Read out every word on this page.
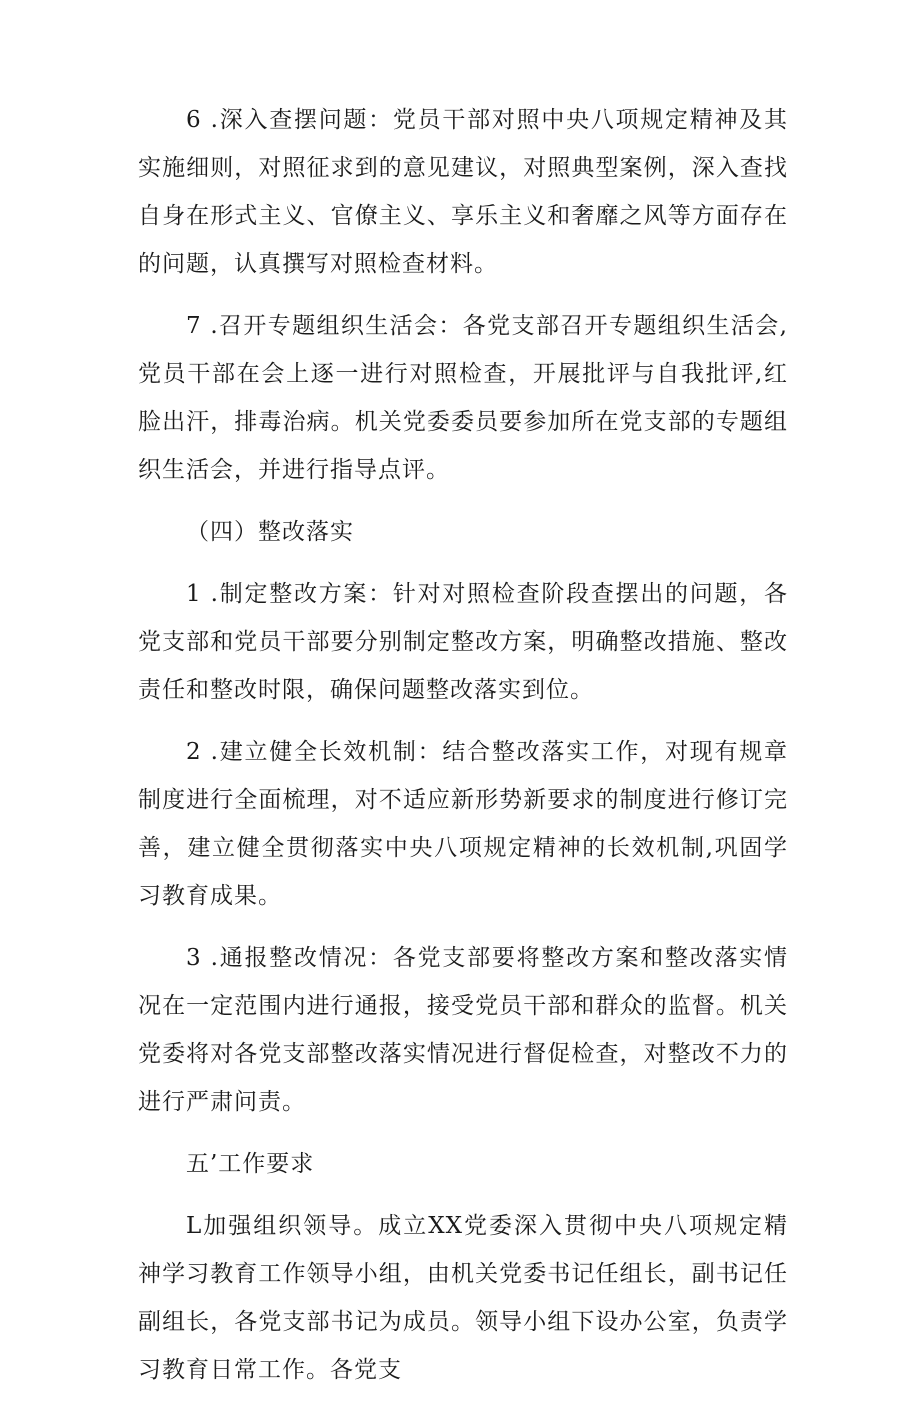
6 .深入查摆问题：党员干部对照中央八项规定精神及其实施细则，对照征求到的意见建议，对照典型案例，深入查找自身在形式主义、官僚主义、享乐主义和奢靡之风等方面存在的问题，认真撰写对照检查材料。

7 .召开专题组织生活会：各党支部召开专题组织生活会,党员干部在会上逐一进行对照检查，开展批评与自我批评,红脸出汗，排毒治病。机关党委委员要参加所在党支部的专题组织生活会，并进行指导点评。

（四）整改落实

1 .制定整改方案：针对对照检查阶段查摆出的问题，各党支部和党员干部要分别制定整改方案，明确整改措施、整改责任和整改时限，确保问题整改落实到位。

2 .建立健全长效机制：结合整改落实工作，对现有规章制度进行全面梳理，对不适应新形势新要求的制度进行修订完善，建立健全贯彻落实中央八项规定精神的长效机制,巩固学习教育成果。

3 .通报整改情况：各党支部要将整改方案和整改落实情况在一定范围内进行通报，接受党员干部和群众的监督。机关党委将对各党支部整改落实情况进行督促检查，对整改不力的进行严肃问责。

五’工作要求

L加强组织领导。成立XX党委深入贯彻中央八项规定精神学习教育工作领导小组，由机关党委书记任组长，副书记任副组长，各党支部书记为成员。领导小组下设办公室，负责学习教育日常工作。各党支
